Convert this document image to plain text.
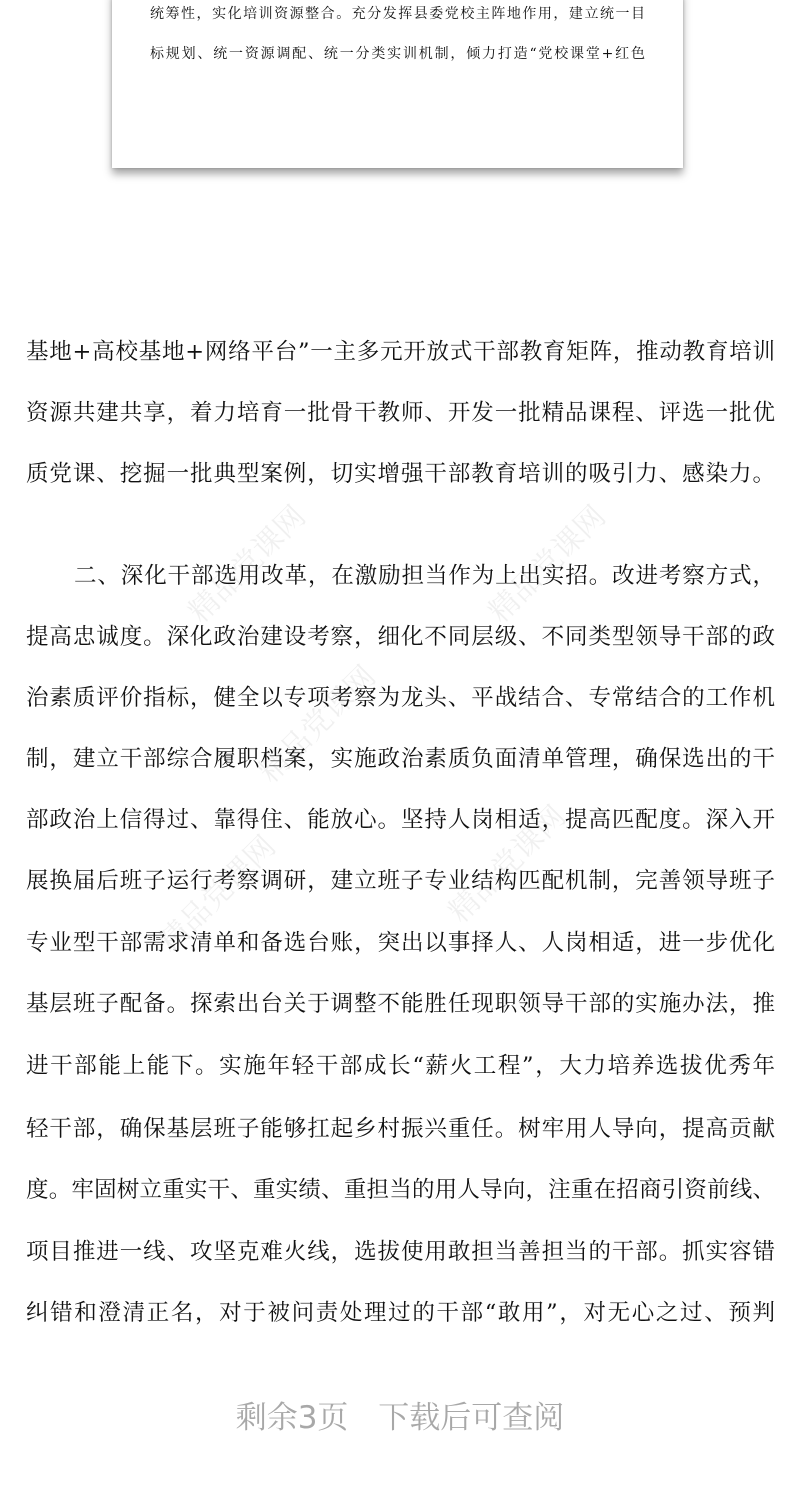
统筹性，实化培训资源整合。充分发挥县委党校主阵地作用，建立统一目
标规划、统一资源调配、统一分类实训机制，倾力打造“党校课堂+红色
精品党课网	精品党课网
精品党课网
精品党课网	精品党课网
基地+高校基地+网络平台”一主多元开放式干部教育矩阵，推动教育培训
资源共建共享，着力培育一批骨干教师、开发一批精品课程、评选一批优
质党课、挖掘一批典型案例，切实增强干部教育培训的吸引力、感染力。
二、深化干部选用改革，在激励担当作为上出实招。改进考察方式，
提高忠诚度。深化政治建设考察，细化不同层级、不同类型领导干部的政
治素质评价指标，健全以专项考察为龙头、平战结合、专常结合的工作机
制，建立干部综合履职档案，实施政治素质负面清单管理，确保选出的干
部政治上信得过、靠得住、能放心。坚持人岗相适，提高匹配度。深入开
展换届后班子运行考察调研，建立班子专业结构匹配机制，完善领导班子
专业型干部需求清单和备选台账，突出以事择人、人岗相适，进一步优化
基层班子配备。探索出台关于调整不能胜任现职领导干部的实施办法，推
进干部能上能下。实施年轻干部成长“薪火工程”，大力培养选拔优秀年
轻干部，确保基层班子能够扛起乡村振兴重任。树牢用人导向，提高贡献
度。牢固树立重实干、重实绩、重担当的用人导向，注重在招商引资前线、
项目推进一线、攻坚克难火线，选拔使用敢担当善担当的干部。抓实容错
纠错和澄清正名，对于被问责处理过的干部“敢用”，对无心之过、预判
剩余3页 下载后可查阅
